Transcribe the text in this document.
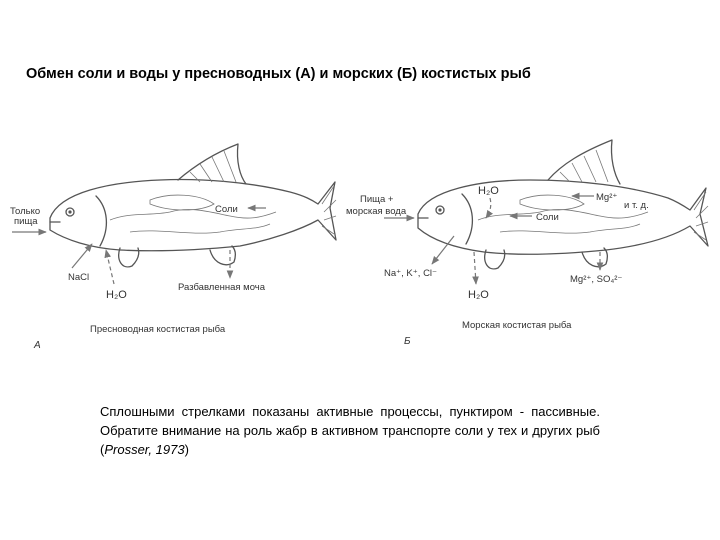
Обмен соли и воды у пресноводных (А) и морских (Б) костистых рыб
Только
пища
Соли
NaCl
H₂O
Разбавленная моча
Пресноводная костистая рыба
А
Пища +
морская вода
H₂O
Mg²⁺
и т. д.
Соли
Na⁺, K⁺, Cl⁻
H₂O
Mg²⁺, SO₄²⁻
Морская костистая рыба
Б
Сплошными стрелками показаны активные процессы, пунктиром - пассивные. Обратите внимание на роль жабр в активном транспорте соли у тех и других рыб (Prosser, 1973)
